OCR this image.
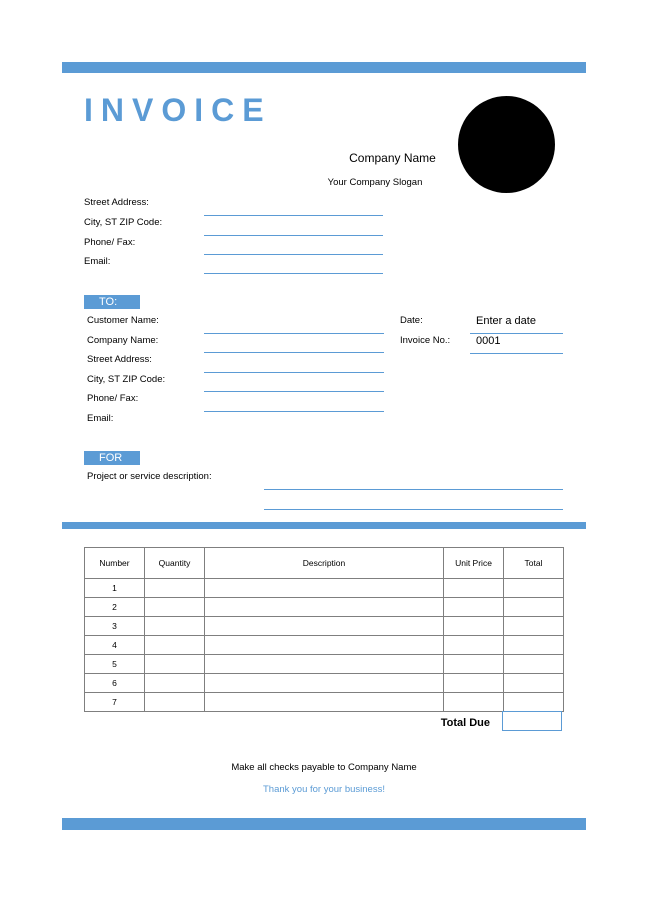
INVOICE
Company Name
Your Company Slogan
Street Address:
City, ST ZIP Code:
Phone/ Fax:
Email:
TO:
Customer Name:
Company Name:
Street Address:
City, ST ZIP Code:
Phone/ Fax:
Email:
Date:	Enter a date
Invoice No.: 0001
FOR
Project or service description:
Number	Quantity	Description	Unit Price	Total
1				
2				
3				
4				
5				
6				
7				
Total Due
Make all checks payable to Company Name
Thank you for your business!
